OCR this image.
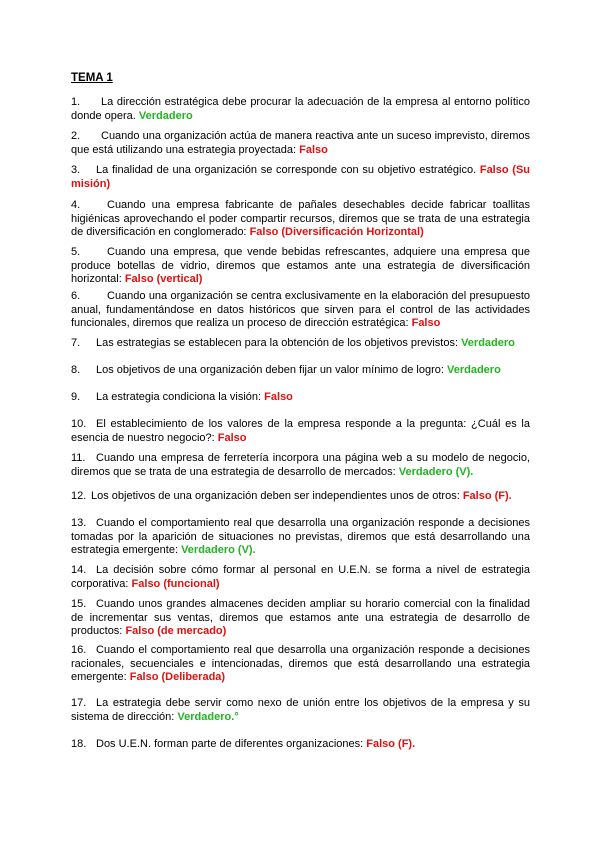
TEMA 1
1. La dirección estratégica debe procurar la adecuación de la empresa al entorno político donde opera. Verdadero
2. Cuando una organización actúa de manera reactiva ante un suceso imprevisto, diremos que está utilizando una estrategia proyectada: Falso
3. La finalidad de una organización se corresponde con su objetivo estratégico. Falso (Su misión)
4. Cuando una empresa fabricante de pañales desechables decide fabricar toallitas higiénicas aprovechando el poder compartir recursos, diremos que se trata de una estrategia de diversificación en conglomerado: Falso (Diversificación Horizontal)
5. Cuando una empresa, que vende bebidas refrescantes, adquiere una empresa que produce botellas de vidrio, diremos que estamos ante una estrategia de diversificación horizontal: Falso (vertical)
6. Cuando una organización se centra exclusivamente en la elaboración del presupuesto anual, fundamentándose en datos históricos que sirven para el control de las actividades funcionales, diremos que realiza un proceso de dirección estratégica: Falso
7. Las estrategias se establecen para la obtención de los objetivos previstos: Verdadero
8. Los objetivos de una organización deben fijar un valor mínimo de logro: Verdadero
9. La estrategia condiciona la visión: Falso
10. El establecimiento de los valores de la empresa responde a la pregunta: ¿Cuál es la esencia de nuestro negocio?: Falso
11. Cuando una empresa de ferretería incorpora una página web a su modelo de negocio, diremos que se trata de una estrategia de desarrollo de mercados: Verdadero (V).
12. Los objetivos de una organización deben ser independientes unos de otros: Falso (F).
13. Cuando el comportamiento real que desarrolla una organización responde a decisiones tomadas por la aparición de situaciones no previstas, diremos que está desarrollando una estrategia emergente: Verdadero (V).
14. La decisión sobre cómo formar al personal en U.E.N. se forma a nivel de estrategia corporativa: Falso (funcional)
15. Cuando unos grandes almacenes deciden ampliar su horario comercial con la finalidad de incrementar sus ventas, diremos que estamos ante una estrategia de desarrollo de productos: Falso (de mercado)
16. Cuando el comportamiento real que desarrolla una organización responde a decisiones racionales, secuenciales e intencionadas, diremos que está desarrollando una estrategia emergente: Falso (Deliberada)
17. La estrategia debe servir como nexo de unión entre los objetivos de la empresa y su sistema de dirección: Verdadero.°
18. Dos U.E.N. forman parte de diferentes organizaciones: Falso (F).
